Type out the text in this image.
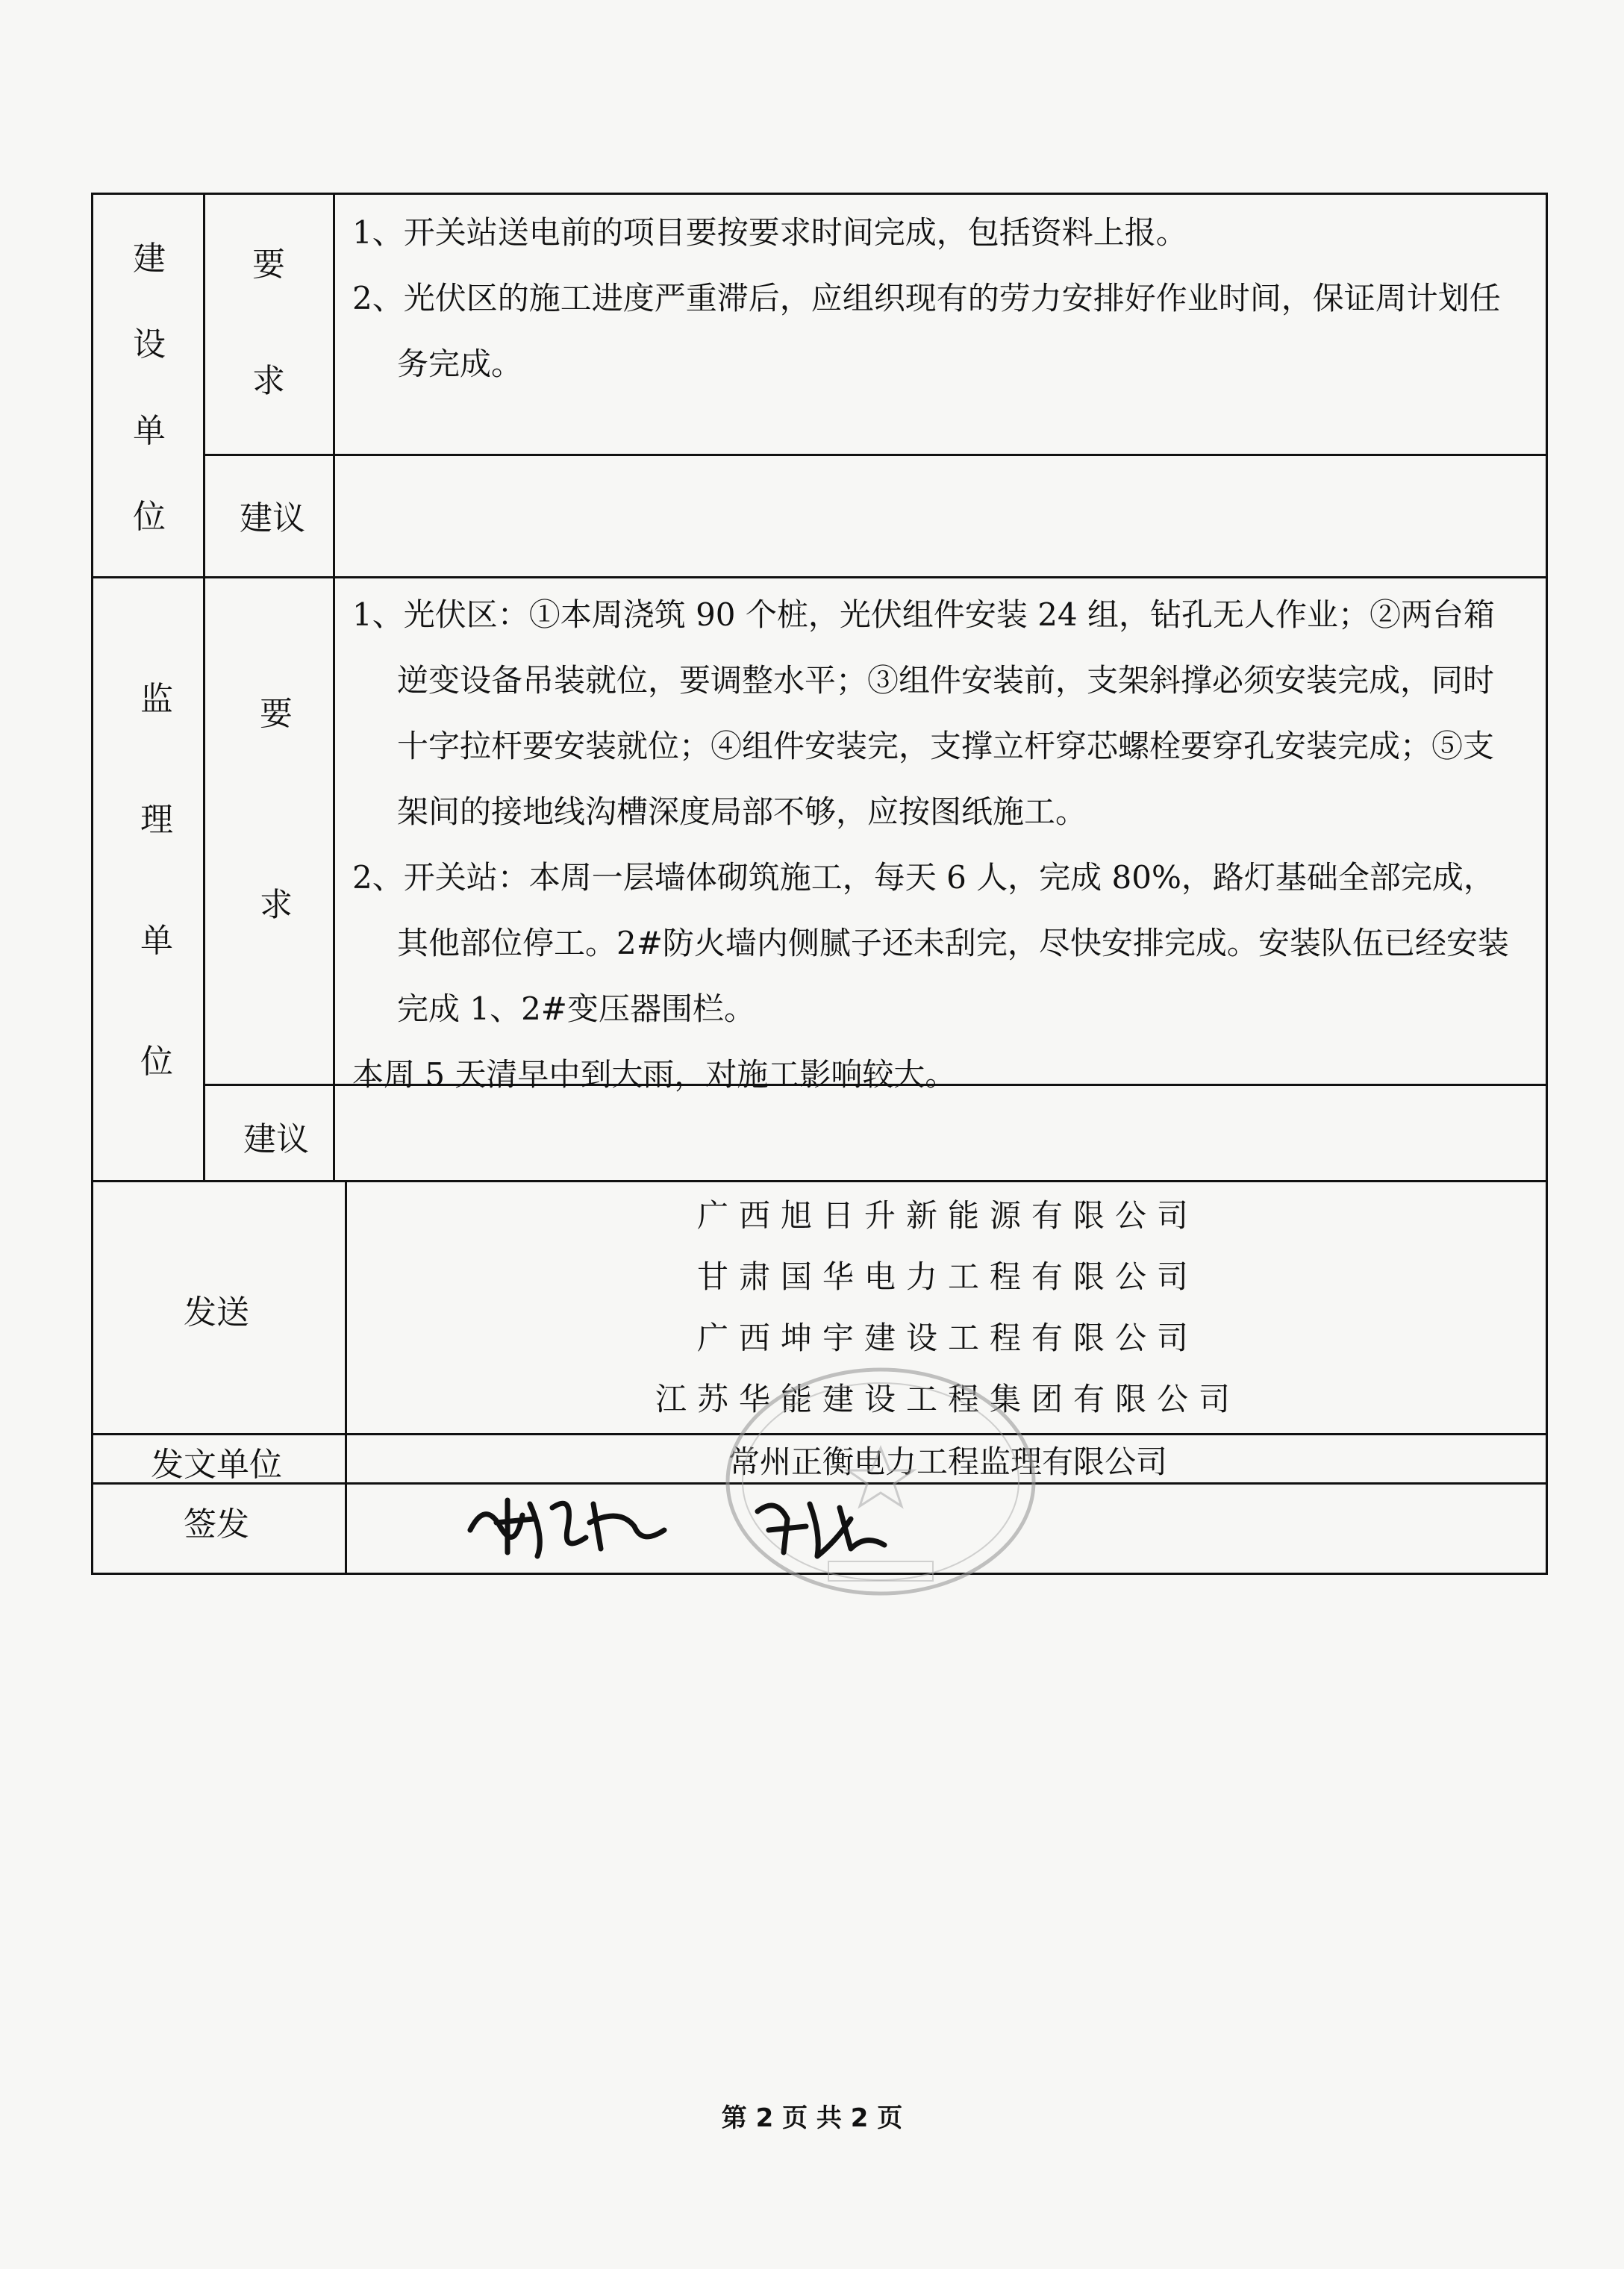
建
设
单
位
要
求

1、开关站送电前的项目要按要求时间完成，包括资料上报。

2、光伏区的施工进度严重滞后，应组织现有的劳力安排好作业时间，保证周计划任务完成。

建议
监
理
单
位
要
求

1、光伏区：①本周浇筑 90 个桩，光伏组件安装 24 组，钻孔无人作业；②两台箱逆变设备吊装就位，要调整水平；③组件安装前，支架斜撑必须安装完成，同时十字拉杆要安装就位；④组件安装完，支撑立杆穿芯螺栓要穿孔安装完成；⑤支架间的接地线沟槽深度局部不够，应按图纸施工。

2、开关站：本周一层墙体砌筑施工，每天 6 人，完成 80%，路灯基础全部完成，其他部位停工。2#防火墙内侧腻子还未刮完，尽快安排完成。安装队伍已经安装完成 1、2#变压器围栏。

本周 5 天清早中到大雨，对施工影响较大。

建议
发送
广西旭日升新能源有限公司
甘肃国华电力工程有限公司
广西坤宇建设工程有限公司
江苏华能建设工程集团有限公司
发文单位	常州正衡电力工程监理有限公司
签发
第 2 页 共 2 页
